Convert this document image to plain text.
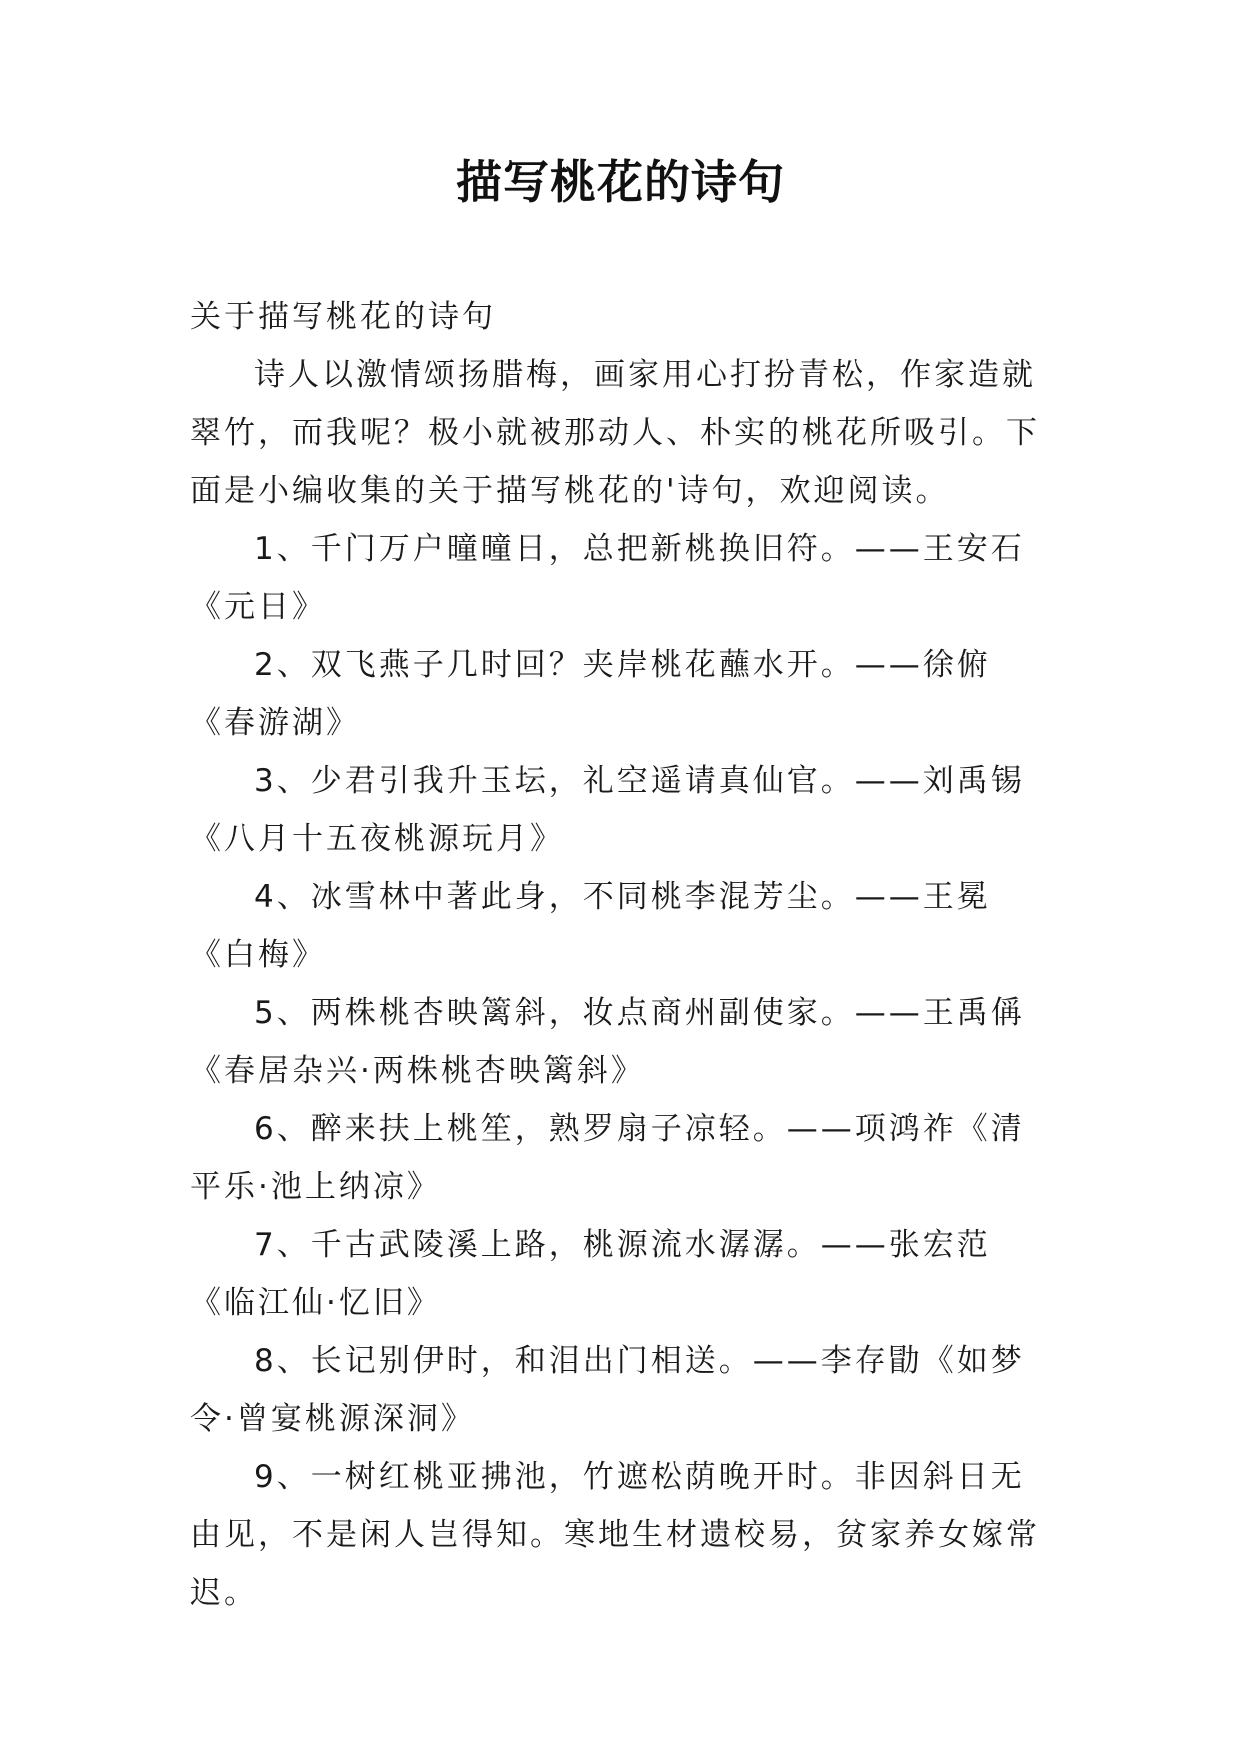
描写桃花的诗句

关于描写桃花的诗句

诗人以激情颂扬腊梅，画家用心打扮青松，作家造就翠竹，而我呢？极小就被那动人、朴实的桃花所吸引。下面是小编收集的关于描写桃花的'诗句，欢迎阅读。

1、千门万户曈曈日，总把新桃换旧符。——王安石《元日》

2、双飞燕子几时回？夹岸桃花蘸水开。——徐俯《春游湖》

3、少君引我升玉坛，礼空遥请真仙官。——刘禹锡《八月十五夜桃源玩月》

4、冰雪林中著此身，不同桃李混芳尘。——王冕《白梅》

5、两株桃杏映篱斜，妆点商州副使家。——王禹偁《春居杂兴·两株桃杏映篱斜》

6、醉来扶上桃笙，熟罗扇子凉轻。——项鸿祚《清平乐·池上纳凉》

7、千古武陵溪上路，桃源流水潺潺。——张宏范《临江仙·忆旧》

8、长记别伊时，和泪出门相送。——李存勖《如梦令·曾宴桃源深洞》

9、一树红桃亚拂池，竹遮松荫晚开时。非因斜日无由见，不是闲人岂得知。寒地生材遗校易，贫家养女嫁常迟。
